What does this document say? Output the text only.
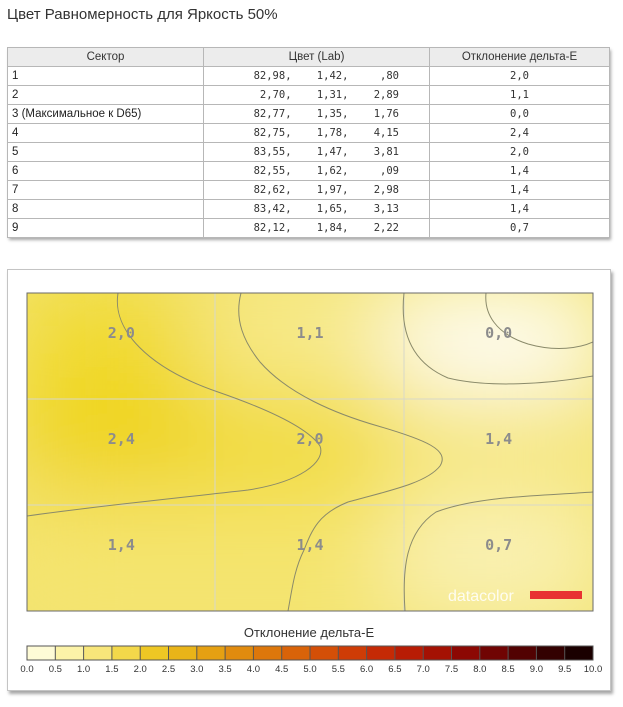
Цвет Равномерность для Яркость 50%
Сектор	Цвет (Lab)	Отклонение дельта-E
1	82,98,    1,42,     ,80	2,0
2	2,70,    1,31,    2,89	1,1
3 (Максимальное к D65)	82,77,    1,35,    1,76	0,0
4	82,75,    1,78,    4,15	2,4
5	83,55,    1,47,    3,81	2,0
6	82,55,    1,62,     ,09	1,4
7	82,62,    1,97,    2,98	1,4
8	83,42,    1,65,    3,13	1,4
9	82,12,    1,84,    2,22	0,7
2,0	1,1	0,0
2,4	2,0	1,4
1,4	1,4	0,7
datacolor
Отклонение дельта-E
0.0 0.5 1.0 1.5 2.0 2.5 3.0 3.5 4.0 4.5 5.0 5.5 6.0 6.5 7.0 7.5 8.0 8.5 9.0 9.5 10.0
